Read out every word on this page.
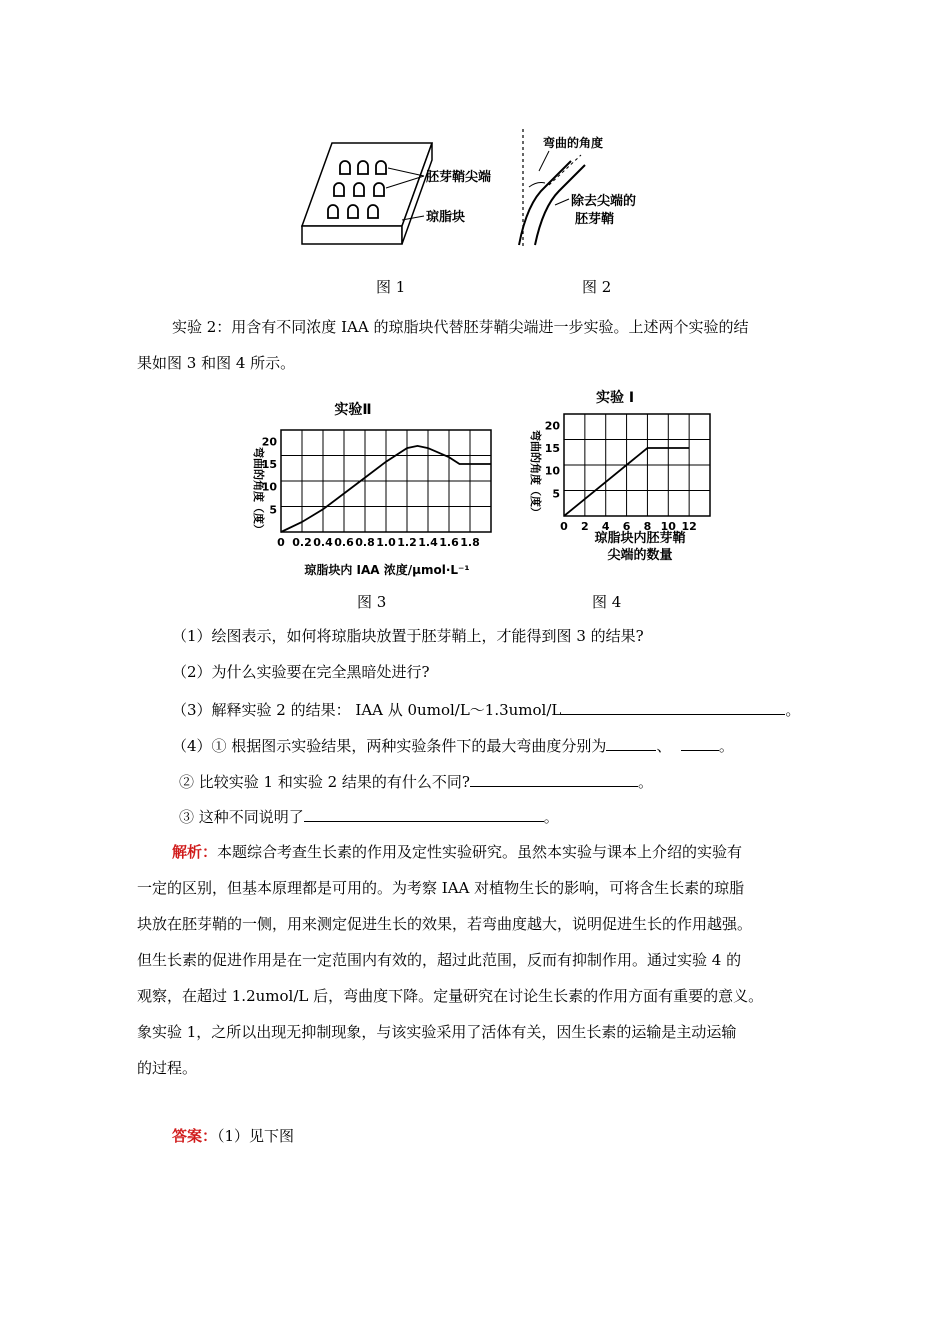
胚芽鞘尖端
琼脂块
弯曲的角度
除去尖端的
胚芽鞘
图 1	图 2
实验 2：用含有不同浓度 IAA 的琼脂块代替胚芽鞘尖端进一步实验。上述两个实验的结
果如图 3 和图 4 所示。
实验Ⅱ
弯曲的角度（度）
琼脂块内 IAA 浓度/μmol·L⁻¹
0 0.2 0.4 0.6 0.8 1.0 1.2 1.4 1.6 1.8
5
10
15
20
实验 Ⅰ
弯曲的角度（度）
琼脂块内胚芽鞘
尖端的数量
0 2 4 6 8 10 12
5
10
15
20
图 3	图 4
（1）绘图表示，如何将琼脂块放置于胚芽鞘上，才能得到图 3 的结果?
（2）为什么实验要在完全黑暗处进行?
（3）解释实验 2 的结果： IAA 从 0umol/L～1.3umol/L	。
（4）① 根据图示实验结果，两种实验条件下的最大弯曲度分别为	、	。
② 比较实验 1 和实验 2 结果的有什么不同?	。
③ 这种不同说明了	。
解析：本题综合考查生长素的作用及定性实验研究。虽然本实验与课本上介绍的实验有
一定的区别，但基本原理都是可用的。为考察 IAA 对植物生长的影响，可将含生长素的琼脂
块放在胚芽鞘的一侧，用来测定促进生长的效果，若弯曲度越大，说明促进生长的作用越强。
但生长素的促进作用是在一定范围内有效的，超过此范围，反而有抑制作用。通过实验 4 的
观察，在超过 1.2umol/L 后，弯曲度下降。定量研究在讨论生长素的作用方面有重要的意义。
象实验 1，之所以出现无抑制现象，与该实验采用了活体有关，因生长素的运输是主动运输
的过程。
答案：（1）见下图
